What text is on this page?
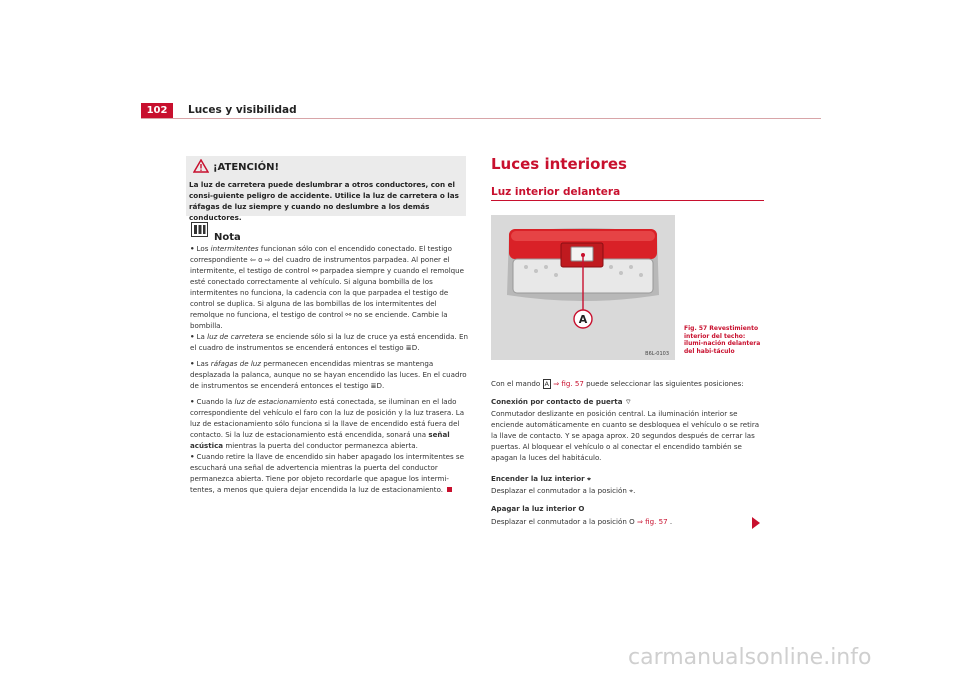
102	Luces y visibilidad
¡ATENCIÓN!
La luz de carretera puede deslumbrar a otros conductores, con el consi-guiente peligro de accidente. Utilice la luz de carretera o las ráfagas de luz siempre y cuando no deslumbre a los demás conductores.
Nota
• Los intermitentes funcionan sólo con el encendido conectado. El testigo correspondiente ⇦ o ⇨ del cuadro de instrumentos parpadea. Al poner el intermitente, el testigo de control ⚯ parpadea siempre y cuando el remolque esté conectado correctamente al vehículo. Si alguna bombilla de los intermitentes no funciona, la cadencia con la que parpadea el testigo de control se duplica. Si alguna de las bombillas de los intermitentes del remolque no funciona, el testigo de control ⚯ no se enciende. Cambie la bombilla.
• La luz de carretera se enciende sólo si la luz de cruce ya está encendida. En el cuadro de instrumentos se encenderá entonces el testigo ≣D.
• Las ráfagas de luz permanecen encendidas mientras se mantenga desplazada la palanca, aunque no se hayan encendido las luces. En el cuadro de instrumentos se encenderá entonces el testigo ≣D.
• Cuando la luz de estacionamiento está conectada, se iluminan en el lado correspondiente del vehículo el faro con la luz de posición y la luz trasera. La luz de estacionamiento sólo funciona si la llave de encendido está fuera del contacto. Si la luz de estacionamiento está encendida, sonará una señal acústica mientras la puerta del conductor permanezca abierta.
• Cuando retire la llave de encendido sin haber apagado los intermitentes se escuchará una señal de advertencia mientras la puerta del conductor permanezca abierta. Tiene por objeto recordarle que apague los intermi-tentes, a menos que quiera dejar encendida la luz de estacionamiento.
Luces interiores
Luz interior delantera
A
B6L-0103
Fig. 57 Revestimiento interior del techo: ilumi-nación delantera del habi-táculo
Con el mando A ⇒ fig. 57 puede seleccionar las siguientes posiciones:
Conexión por contacto de puerta ⌔
Conmutador deslizante en posición central. La iluminación interior se enciende automáticamente en cuanto se desbloquea el vehículo o se retira la llave de contacto. Y se apaga aprox. 20 segundos después de cerrar las puertas. Al bloquear el vehículo o al conectar el encendido también se apagan la luces del habitáculo.
Encender la luz interior ⌖
Desplazar el conmutador a la posición ⌖.
Apagar la luz interior O
Desplazar el conmutador a la posición O ⇒ fig. 57 .
carmanualsonline.info
